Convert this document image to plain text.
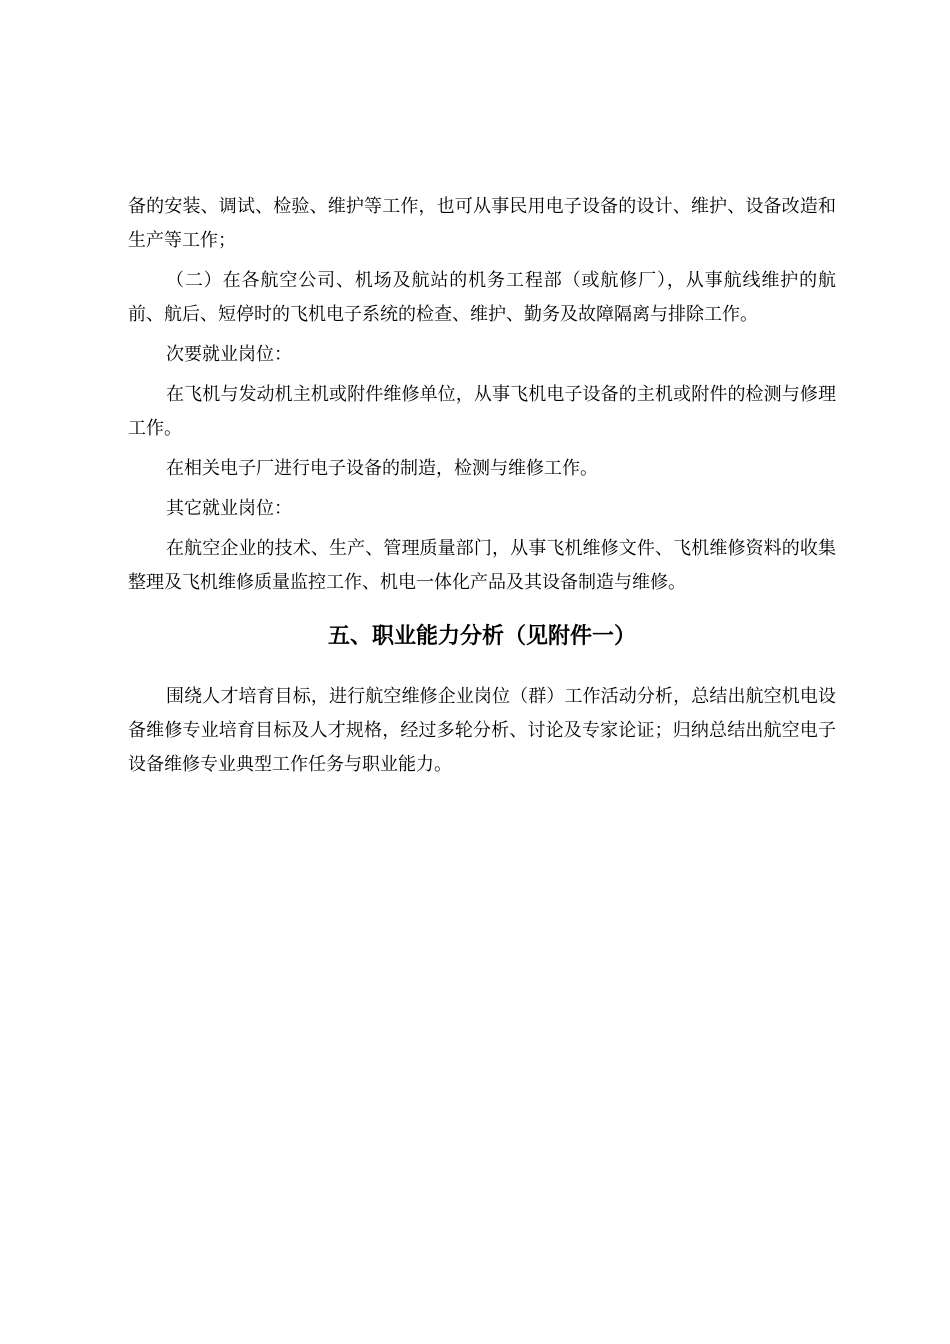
备的安装、调试、检验、维护等工作，也可从事民用电子设备的设计、维护、设备改造和生产等工作；

（二）在各航空公司、机场及航站的机务工程部（或航修厂），从事航线维护的航前、航后、短停时的飞机电子系统的检查、维护、勤务及故障隔离与排除工作。

次要就业岗位：

在飞机与发动机主机或附件维修单位，从事飞机电子设备的主机或附件的检测与修理工作。

在相关电子厂进行电子设备的制造，检测与维修工作。

其它就业岗位：

在航空企业的技术、生产、管理质量部门，从事飞机维修文件、飞机维修资料的收集整理及飞机维修质量监控工作、机电一体化产品及其设备制造与维修。

五、职业能力分析（见附件一）

围绕人才培育目标，进行航空维修企业岗位（群）工作活动分析，总结出航空机电设备维修专业培育目标及人才规格，经过多轮分析、讨论及专家论证；归纳总结出航空电子设备维修专业典型工作任务与职业能力。
